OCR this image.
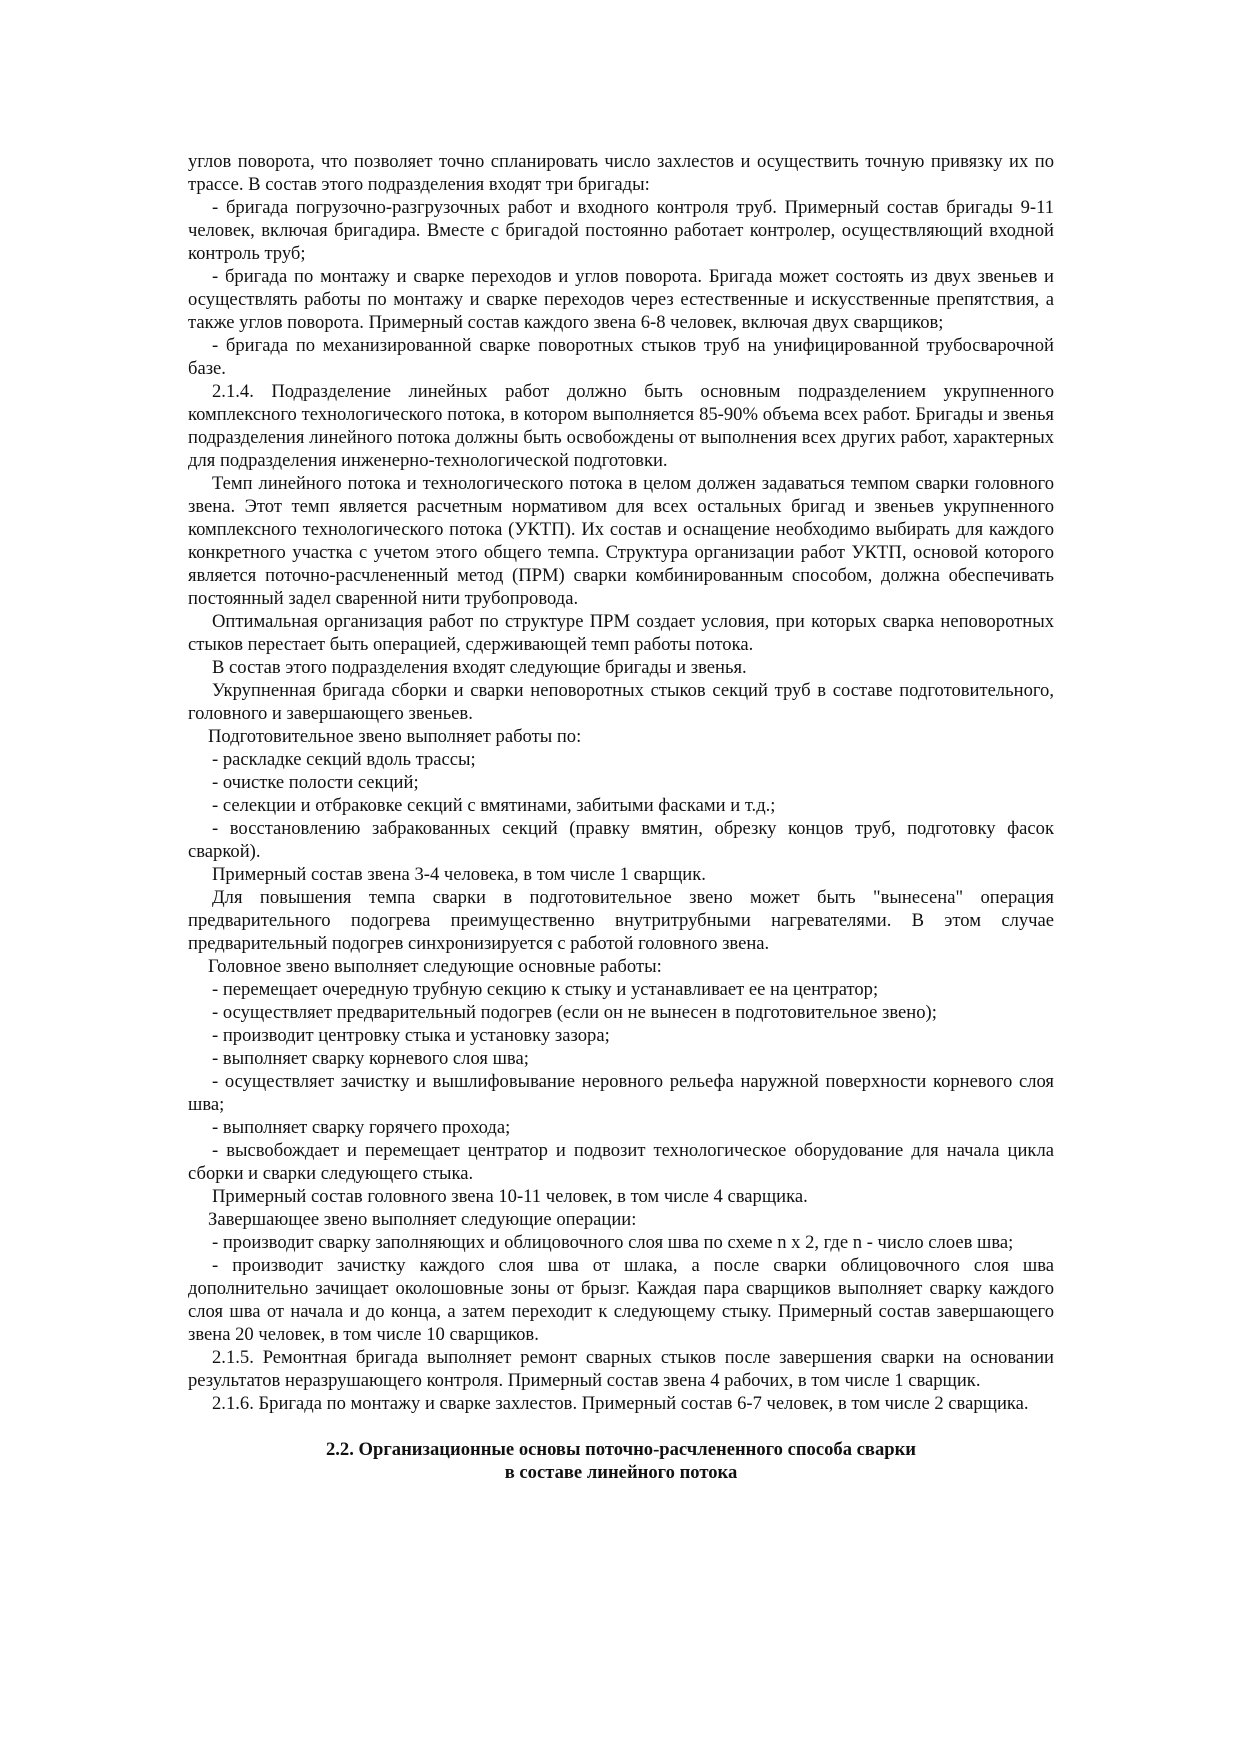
углов поворота, что позволяет точно спланировать число захлестов и осуществить точную привязку их по трассе. В состав этого подразделения входят три бригады:

- бригада погрузочно-разгрузочных работ и входного контроля труб. Примерный состав бригады 9-11 человек, включая бригадира. Вместе с бригадой постоянно работает контролер, осуществляющий входной контроль труб;

- бригада по монтажу и сварке переходов и углов поворота. Бригада может состоять из двух звеньев и осуществлять работы по монтажу и сварке переходов через естественные и искусственные препятствия, а также углов поворота. Примерный состав каждого звена 6-8 человек, включая двух сварщиков;

- бригада по механизированной сварке поворотных стыков труб на унифицированной трубосварочной базе.

2.1.4. Подразделение линейных работ должно быть основным подразделением укрупненного комплексного технологического потока, в котором выполняется 85-90% объема всех работ. Бригады и звенья подразделения линейного потока должны быть освобождены от выполнения всех других работ, характерных для подразделения инженерно-технологической подготовки.

Темп линейного потока и технологического потока в целом должен задаваться темпом сварки головного звена. Этот темп является расчетным нормативом для всех остальных бригад и звеньев укрупненного комплексного технологического потока (УКТП). Их состав и оснащение необходимо выбирать для каждого конкретного участка с учетом этого общего темпа. Структура организации работ УКТП, основой которого является поточно-расчлененный метод (ПРМ) сварки комбинированным способом, должна обеспечивать постоянный задел сваренной нити трубопровода.

Оптимальная организация работ по структуре ПРМ создает условия, при которых сварка неповоротных стыков перестает быть операцией, сдерживающей темп работы потока.

В состав этого подразделения входят следующие бригады и звенья.

Укрупненная бригада сборки и сварки неповоротных стыков секций труб в составе подготовительного, головного и завершающего звеньев.

Подготовительное звено выполняет работы по:

- раскладке секций вдоль трассы;

- очистке полости секций;

- селекции и отбраковке секций с вмятинами, забитыми фасками и т.д.;

- восстановлению забракованных секций (правку вмятин, обрезку концов труб, подготовку фасок сваркой).

Примерный состав звена 3-4 человека, в том числе 1 сварщик.

Для повышения темпа сварки в подготовительное звено может быть "вынесена" операция предварительного подогрева преимущественно внутритрубными нагревателями. В этом случае предварительный подогрев синхронизируется с работой головного звена.

Головное звено выполняет следующие основные работы:

- перемещает очередную трубную секцию к стыку и устанавливает ее на центратор;

- осуществляет предварительный подогрев (если он не вынесен в подготовительное звено);

- производит центровку стыка и установку зазора;

- выполняет сварку корневого слоя шва;

- осуществляет зачистку и вышлифовывание неровного рельефа наружной поверхности корневого слоя шва;

- выполняет сварку горячего прохода;

- высвобождает и перемещает центратор и подвозит технологическое оборудование для начала цикла сборки и сварки следующего стыка.

Примерный состав головного звена 10-11 человек, в том числе 4 сварщика.

Завершающее звено выполняет следующие операции:

- производит сварку заполняющих и облицовочного слоя шва по схеме n x 2, где n - число слоев шва;

- производит зачистку каждого слоя шва от шлака, а после сварки облицовочного слоя шва дополнительно зачищает околошовные зоны от брызг. Каждая пара сварщиков выполняет сварку каждого слоя шва от начала и до конца, а затем переходит к следующему стыку. Примерный состав завершающего звена 20 человек, в том числе 10 сварщиков.

2.1.5. Ремонтная бригада выполняет ремонт сварных стыков после завершения сварки на основании результатов неразрушающего контроля. Примерный состав звена 4 рабочих, в том числе 1 сварщик.

2.1.6. Бригада по монтажу и сварке захлестов. Примерный состав 6-7 человек, в том числе 2 сварщика.

2.2. Организационные основы поточно-расчлененного способа сварки
в составе линейного потока
